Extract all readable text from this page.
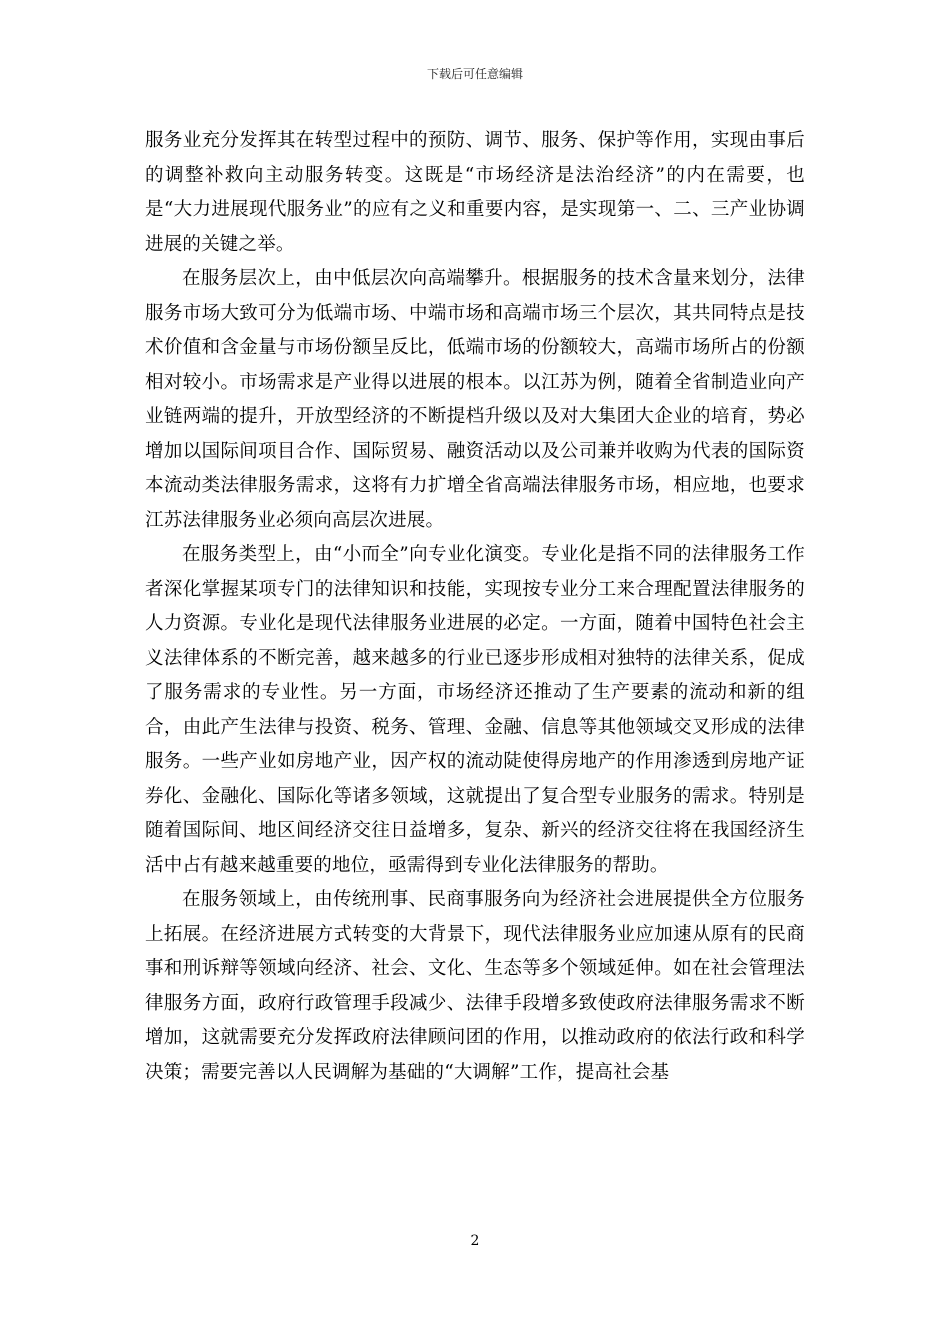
下载后可任意编辑

服务业充分发挥其在转型过程中的预防、调节、服务、保护等作用，实现由事后的调整补救向主动服务转变。这既是“市场经济是法治经济”的内在需要，也是“大力进展现代服务业”的应有之义和重要内容，是实现第一、二、三产业协调进展的关键之举。

在服务层次上，由中低层次向高端攀升。根据服务的技术含量来划分，法律服务市场大致可分为低端市场、中端市场和高端市场三个层次，其共同特点是技术价值和含金量与市场份额呈反比，低端市场的份额较大，高端市场所占的份额相对较小。市场需求是产业得以进展的根本。以江苏为例，随着全省制造业向产业链两端的提升，开放型经济的不断提档升级以及对大集团大企业的培育，势必增加以国际间项目合作、国际贸易、融资活动以及公司兼并收购为代表的国际资本流动类法律服务需求，这将有力扩增全省高端法律服务市场，相应地，也要求江苏法律服务业必须向高层次进展。

在服务类型上，由“小而全”向专业化演变。专业化是指不同的法律服务工作者深化掌握某项专门的法律知识和技能，实现按专业分工来合理配置法律服务的人力资源。专业化是现代法律服务业进展的必定。一方面，随着中国特色社会主义法律体系的不断完善，越来越多的行业已逐步形成相对独特的法律关系，促成了服务需求的专业性。另一方面，市场经济还推动了生产要素的流动和新的组合，由此产生法律与投资、税务、管理、金融、信息等其他领域交叉形成的法律服务。一些产业如房地产业，因产权的流动陡使得房地产的作用渗透到房地产证券化、金融化、国际化等诸多领域，这就提出了复合型专业服务的需求。特别是随着国际间、地区间经济交往日益增多，复杂、新兴的经济交往将在我国经济生活中占有越来越重要的地位，亟需得到专业化法律服务的帮助。

在服务领域上，由传统刑事、民商事服务向为经济社会进展提供全方位服务上拓展。在经济进展方式转变的大背景下，现代法律服务业应加速从原有的民商事和刑诉辩等领域向经济、社会、文化、生态等多个领域延伸。如在社会管理法律服务方面，政府行政管理手段减少、法律手段增多致使政府法律服务需求不断增加，这就需要充分发挥政府法律顾问团的作用，以推动政府的依法行政和科学决策；需要完善以人民调解为基础的“大调解”工作，提高社会基

2
